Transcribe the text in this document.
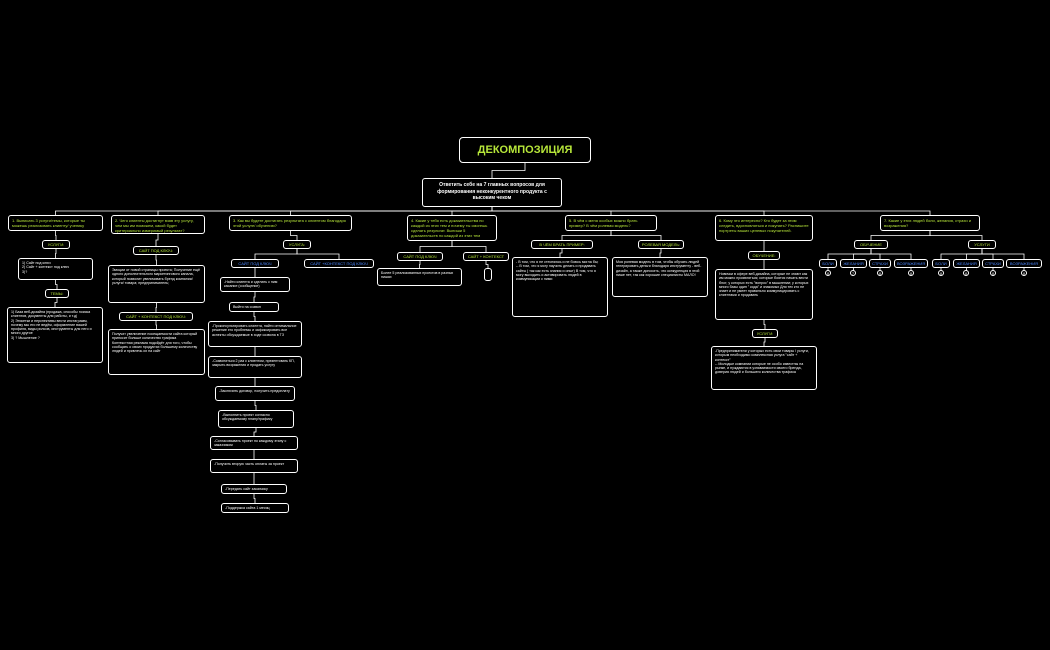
ДЕКОМПОЗИЦИЯ
Ответить себе на 7 главных вопросов для формирования неконкурентного продукта с высоким чеком
1. Выписать 3 услуги/темы, которые ты можешь реализовать клиенту/ ученику
УСЛУГИ:
1) Сайт под ключ
2) Сайт + контекст под ключ
3)?
ТЕМЫ:
1) База веб-дизайна (продажа, способы поиска клиентов, документы для работы, и т.д)
2) Этикетки и перспективы вести инстаграмм, почему мы его не ведём, оформление вашей профиля, виды рилсов, инструменты для него и много другое
3) ? Мышление ?
2. Чего клиенты достигнут взяв эту услугу, чем мы им поможем, какой будет критериально измеримый результат?
САЙТ ПОД КЛЮЧ:
Эмоции от новой страницы проекта; Получение ещё одного дополнительного маркетингового канала, который позволит увеличивать бренд компании/ услуги/ товара; предприниматель;
САЙТ + КОНТЕКСТ ПОД КЛЮЧ:
Получит увеличение посещаемости сайта который приносит больше количество трафика
Контекстная реклама подойдёт для того, чтобы сообщать о своих продуктах большему количеству людей и привлечь их на сайт
3. Как вы будете достигать результата с клиентом благодаря этой услуге/ обучению?
УСЛУГА:
САЙТ ПОД КЛЮЧ	САЙТ +КОНТЕКСТ ПОД КЛЮЧ
-Найти клиента и сделать с ним касание (сообщение)
Выйти на созвон
-Проконсультировать клиента, найти оптимальное решение его проблемы и зафиксировать все аспекты обсуждаемые в ходе созвона в ТЗ
-Созвониться 2 раз с клиентом, презентовать КП, закрыть возражения и продать услугу
-Заключить договор, получить предоплату
-Выполнить проект согласно обсуждаемому плану/графику
-Согласовывать проект по каждому этапу с заказчиком
-Получить вторую часть оплаты за проект
-Передать сайт заказчику
-Поддержка сайта 1 месяц
4. Какие у тебя есть доказательства по каждой из этих тем и почему ты смогешь сделать результат. Выпиши 5 доказательств по каждой из этих тем
САЙТ ПОД КЛЮЧ	САЙТ + КОНТЕКСТ
Более 5 реализованных проектов в разных нишах
5. В чём с меня особых можно брать пример? В чём ролевая модель?
В ЧЁМ БРАТЬ ПРИМЕР:	РОЛЕВАЯ МОДЕЛЬ:
- В том, что я не стесняюсь и не боюсь могла бы;
-- В том, что я могу научить делать и продавать сайты ( так как есть знания и опыт) В том, что я могу выходить и активировать людей в коммуникации с ними
Моя ролевая модель в том, чтобы обучать людей генерировать деньги благодаря инструменту - веб-дизайн, а также доносить, что конкуренция в этой нише нет, так как хорошие специалисты МАЛО!
6. Кому это интересно? Кто будет за этим следить, вдохновляться и покупать? Распишите портреты ваших целевых покупателей.
ОБУЧЕНИЕ:
Новички в сфере веб-дизайна, которые не знают как им можно проявляться; которые боятся начать вести блог; у которых есть "вопрос" в мышлении; у которых много базы один " кода" и знакомых Для тех кто не знает и не умеет правильно коммуницировать с клиентами и продавать
УСЛУГИ:
-Предприниматели у которых есть свои товары / услуги, которым необходимо комплексная услуга "сайт + контекст"
-- Молодые компании которые не особо известны на рынке, и нуждаются в узнаваемости своего бренда, доверия людей и большего количества трафика
7. Какие у этих людей боли, желания, страхи и возражения?
ОБУЧЕНИЕ	УСЛУГИ
БОЛИ	ЖЕЛАНИЯ	СТРАХИ	ВОЗРАЖЕНИЯ	БОЛИ	ЖЕЛАНИЯ	СТРАХИ	ВОЗРАЖЕНИЯ
8	7	8	8	8	8	8	8
